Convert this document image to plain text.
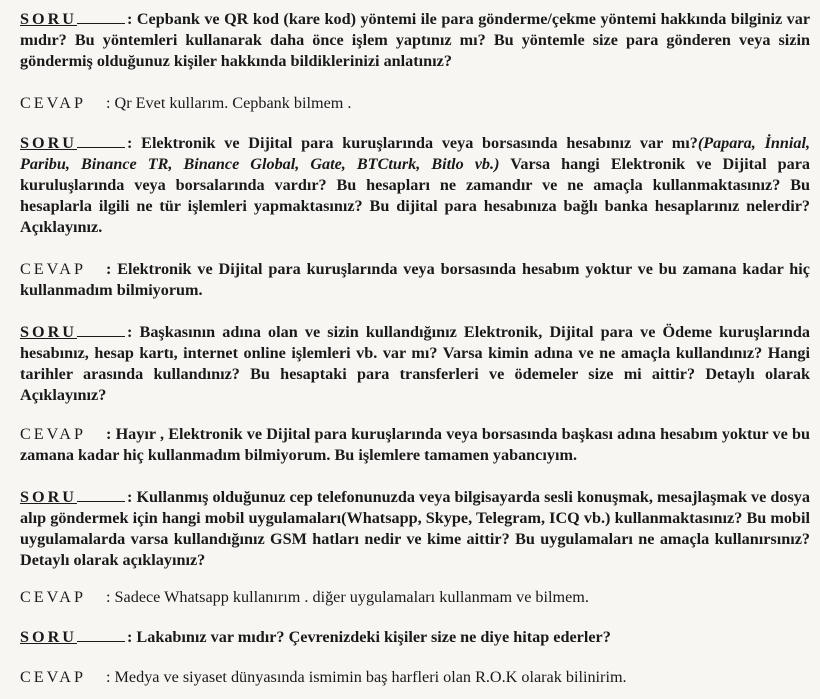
SORU	: Cepbank ve QR kod (kare kod) yöntemi ile para gönderme/çekme yöntemi hakkında bilginiz var mıdır? Bu yöntemleri kullanarak daha önce işlem yaptınız mı? Bu yöntemle size para gönderen veya sizin göndermiş olduğunuz kişiler hakkında bildiklerinizi anlatınız?
CEVAP : Qr Evet kullarım. Cepbank bilmem .
SORU	: Elektronik ve Dijital para kuruşlarında veya borsasında hesabınız var mı?(Papara, İnnial, Paribu, Binance TR, Binance Global, Gate, BTCturk, Bitlo vb.) Varsa hangi Elektronik ve Dijital para kuruluşlarında veya borsalarında vardır? Bu hesapları ne zamandır ve ne amaçla kullanmaktasınız? Bu hesaplarla ilgili ne tür işlemleri yapmaktasınız? Bu dijital para hesabınıza bağlı banka hesaplarınız nelerdir? Açıklayınız.
CEVAP : Elektronik ve Dijital para kuruşlarında veya borsasında hesabım yoktur ve bu zamana kadar hiç kullanmadım bilmiyorum.
SORU	: Başkasının adına olan ve sizin kullandığınız Elektronik, Dijital para ve Ödeme kuruşlarında hesabınız, hesap kartı, internet online işlemleri vb. var mı? Varsa kimin adına ve ne amaçla kullandınız? Hangi tarihler arasında kullandınız? Bu hesaptaki para transferleri ve ödemeler size mi aittir? Detaylı olarak Açıklayınız?
CEVAP : Hayır , Elektronik ve Dijital para kuruşlarında veya borsasında başkası adına hesabım yoktur ve bu zamana kadar hiç kullanmadım bilmiyorum. Bu işlemlere tamamen yabancıyım.
SORU	: Kullanmış olduğunuz cep telefonunuzda veya bilgisayarda sesli konuşmak, mesajlaşmak ve dosya alıp göndermek için hangi mobil uygulamaları(Whatsapp, Skype, Telegram, ICQ vb.) kullanmaktasınız? Bu mobil uygulamalarda varsa kullandığınız GSM hatları nedir ve kime aittir? Bu uygulamaları ne amaçla kullanırsınız? Detaylı olarak açıklayınız?
CEVAP : Sadece Whatsapp kullanırım . diğer uygulamaları kullanmam ve bilmem.
SORU	: Lakabınız var mıdır? Çevrenizdeki kişiler size ne diye hitap ederler?
CEVAP : Medya ve siyaset dünyasında ismimin baş harfleri olan R.O.K olarak bilinirim.
